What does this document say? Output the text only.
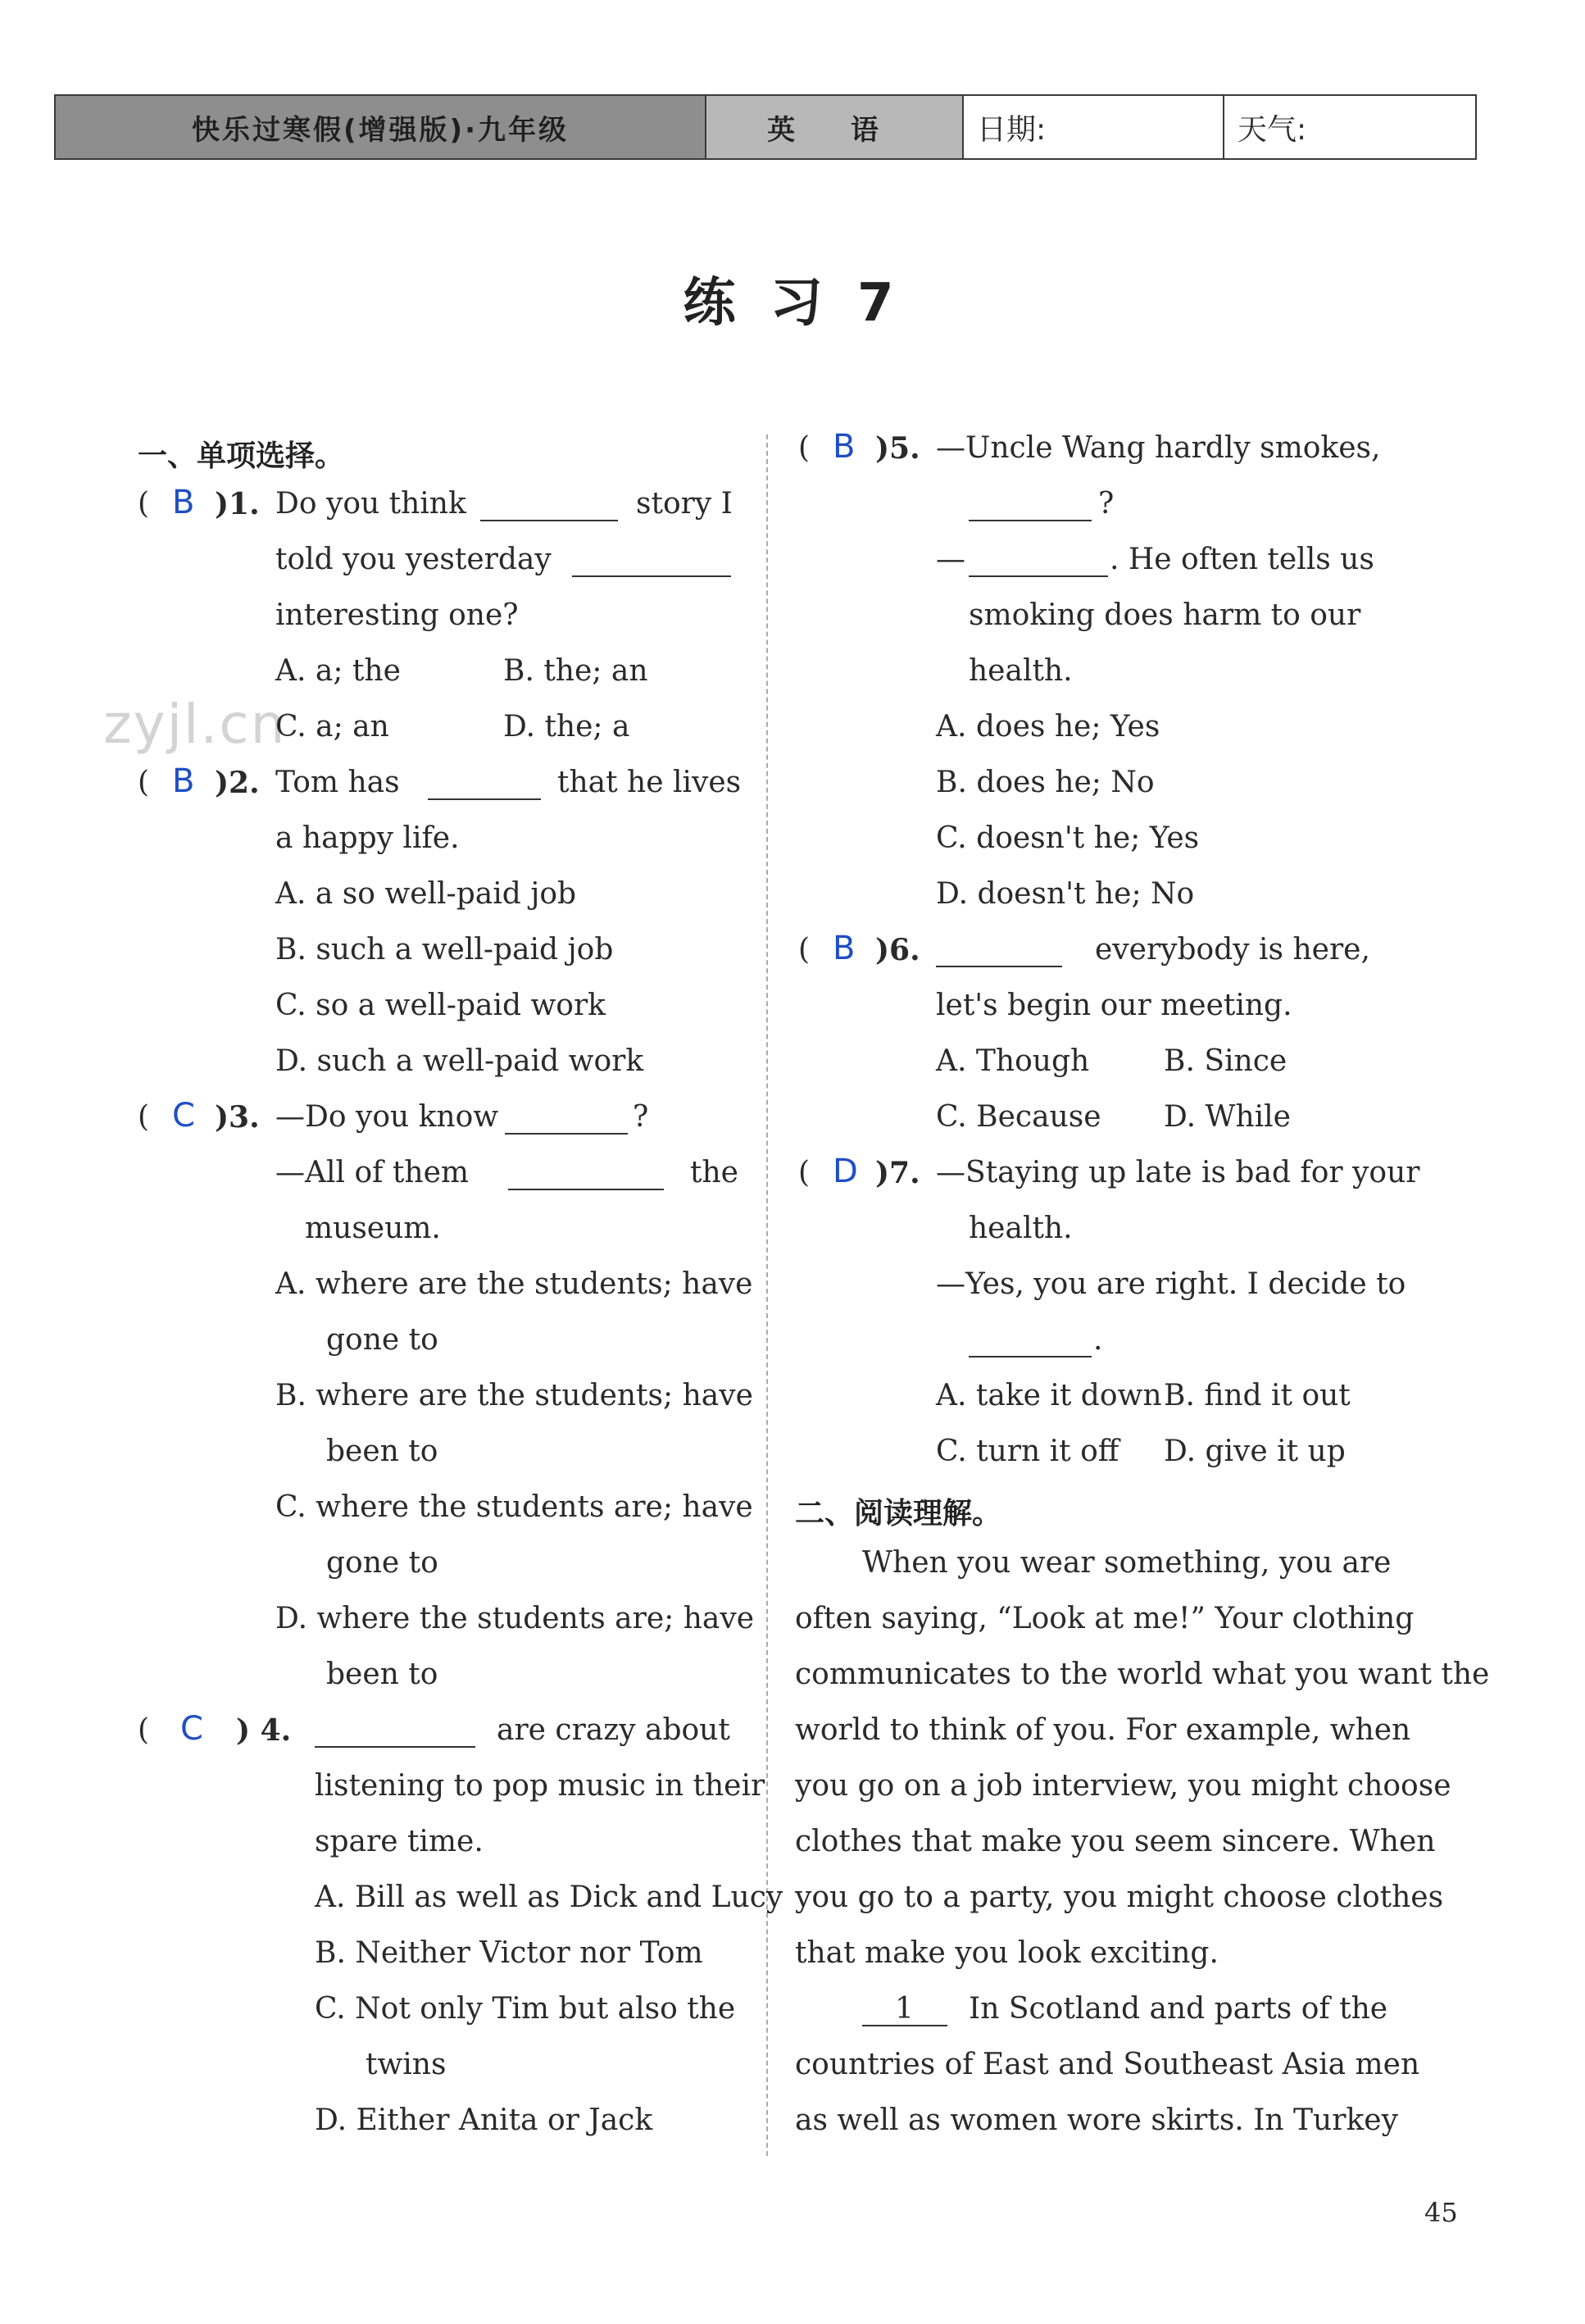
快乐过寒假(增强版)·九年级	英 语	日期:	天气:
练 习 7
zyjl.cn
一、单项选择。
( B )1. Do you think	story I
told you yesterday
interesting one?
A. a; the	B. the; an
C. a; an	D. the; a
( B )2. Tom has	that he lives
a happy life.
A. a so well-paid job
B. such a well-paid job
C. so a well-paid work
D. such a well-paid work
( C )3. —Do you know	?
—All of them	the
museum.
A. where are the students; have
gone to
B. where are the students; have
been to
C. where the students are; have
gone to
D. where the students are; have
been to
( C ) 4.	are crazy about
listening to pop music in their
spare time.
A. Bill as well as Dick and Lucy
B. Neither Victor nor Tom
C. Not only Tim but also the
twins
D. Either Anita or Jack
( B )5. —Uncle Wang hardly smokes,
?
—	. He often tells us
smoking does harm to our
health.
A. does he; Yes
B. does he; No
C. doesn't he; Yes
D. doesn't he; No
( B )6.	everybody is here,
let's begin our meeting.
A. Though	B. Since
C. Because D. While
( D )7. —Staying up late is bad for your
health.
—Yes, you are right. I decide to
.
A. take it down B. find it out
C. turn it off D. give it up
二、阅读理解。
When you wear something, you are
often saying, “Look at me!” Your clothing
communicates to the world what you want the
world to think of you. For example, when
you go on a job interview, you might choose
clothes that make you seem sincere. When
you go to a party, you might choose clothes
that make you look exciting.
1 In Scotland and parts of the
countries of East and Southeast Asia men
as well as women wore skirts. In Turkey
45
